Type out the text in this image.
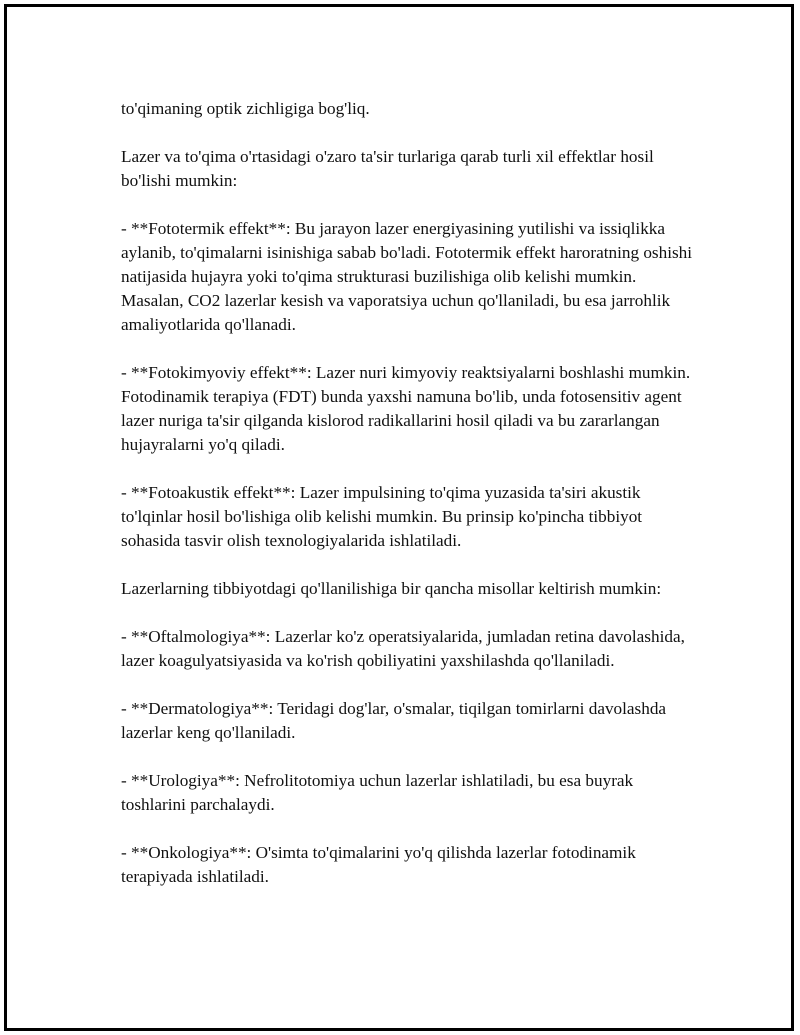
to'qimaning optik zichligiga bog'liq.

Lazer va to'qima o'rtasidagi o'zaro ta'sir turlariga qarab turli xil effektlar hosil bo'lishi mumkin:

- **Fototermik effekt**: Bu jarayon lazer energiyasining yutilishi va issiqlikka aylanib, to'qimalarni isinishiga sabab bo'ladi. Fototermik effekt haroratning oshishi natijasida hujayra yoki to'qima strukturasi buzilishiga olib kelishi mumkin. Masalan, CO2 lazerlar kesish va vaporatsiya uchun qo'llaniladi, bu esa jarrohlik amaliyotlarida qo'llanadi.

- **Fotokimyoviy effekt**: Lazer nuri kimyoviy reaktsiyalarni boshlashi mumkin. Fotodinamik terapiya (FDT) bunda yaxshi namuna bo'lib, unda fotosensitiv agent lazer nuriga ta'sir qilganda kislorod radikallarini hosil qiladi va bu zararlangan hujayralarni yo'q qiladi.

- **Fotoakustik effekt**: Lazer impulsining to'qima yuzasida ta'siri akustik to'lqinlar hosil bo'lishiga olib kelishi mumkin. Bu prinsip ko'pincha tibbiyot sohasida tasvir olish texnologiyalarida ishlatiladi.

Lazerlarning tibbiyotdagi qo'llanilishiga bir qancha misollar keltirish mumkin:

- **Oftalmologiya**: Lazerlar ko'z operatsiyalarida, jumladan retina davolashida, lazer koagulyatsiyasida va ko'rish qobiliyatini yaxshilashda qo'llaniladi.

- **Dermatologiya**: Teridagi dog'lar, o'smalar, tiqilgan tomirlarni davolashda lazerlar keng qo'llaniladi.

- **Urologiya**: Nefrolitotomiya uchun lazerlar ishlatiladi, bu esa buyrak toshlarini parchalaydi.

- **Onkologiya**: O'simta to'qimalarini yo'q qilishda lazerlar fotodinamik terapiyada ishlatiladi.
